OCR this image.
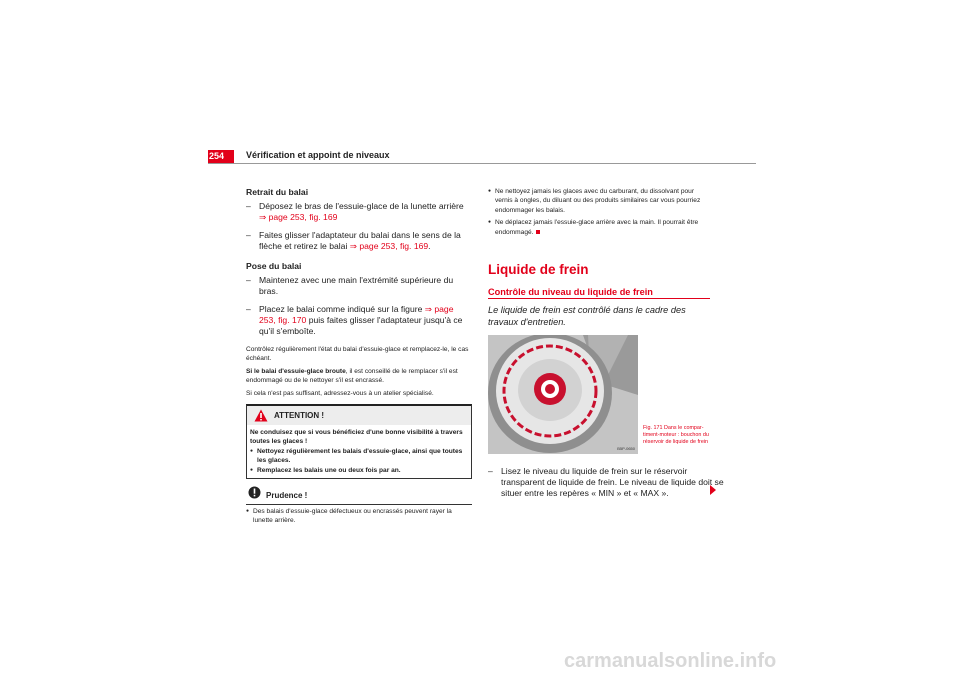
254 Vérification et appoint de niveaux

Retrait du balai

– Déposez le bras de l'essuie-glace de la lunette arrière
⇒ page 253, fig. 169

– Faites glisser l'adaptateur du balai dans le sens de la flèche et retirez le balai ⇒ page 253, fig. 169.

Pose du balai

– Maintenez avec une main l'extrémité supérieure du bras.

– Placez le balai comme indiqué sur la figure ⇒ page 253, fig. 170 puis faites glisser l'adaptateur jusqu'à ce qu'il s'emboîte.

Contrôlez régulièrement l'état du balai d'essuie-glace et remplacez-le, le cas échéant.

Si le balai d'essuie-glace broute, il est conseillé de le remplacer s'il est endommagé ou de le nettoyer s'il est encrassé.

Si cela n'est pas suffisant, adressez-vous à un atelier spécialisé.

ATTENTION !

Ne conduisez que si vous bénéficiez d'une bonne visibilité à travers toutes les glaces !

● Nettoyez régulièrement les balais d'essuie-glace, ainsi que toutes les glaces.

● Remplacez les balais une ou deux fois par an.

Prudence !

● Des balais d'essuie-glace défectueux ou encrassés peuvent rayer la lunette arrière.

● Ne nettoyez jamais les glaces avec du carburant, du dissolvant pour vernis à ongles, du diluant ou des produits similaires car vous pourriez endommager les balais.

● Ne déplacez jamais l'essuie-glace arrière avec la main. Il pourrait être endommagé.

Liquide de frein
Contrôle du niveau du liquide de frein
Le liquide de frein est contrôlé dans le cadre des travaux d'entretien.
B5P-0650
Fig. 171 Dans le compar-timent-moteur : bouchon du réservoir de liquide de frein

– Lisez le niveau du liquide de frein sur le réservoir transparent de liquide de frein. Le niveau de liquide doit se situer entre les repères « MIN » et « MAX ».

carmanualsonline.info
